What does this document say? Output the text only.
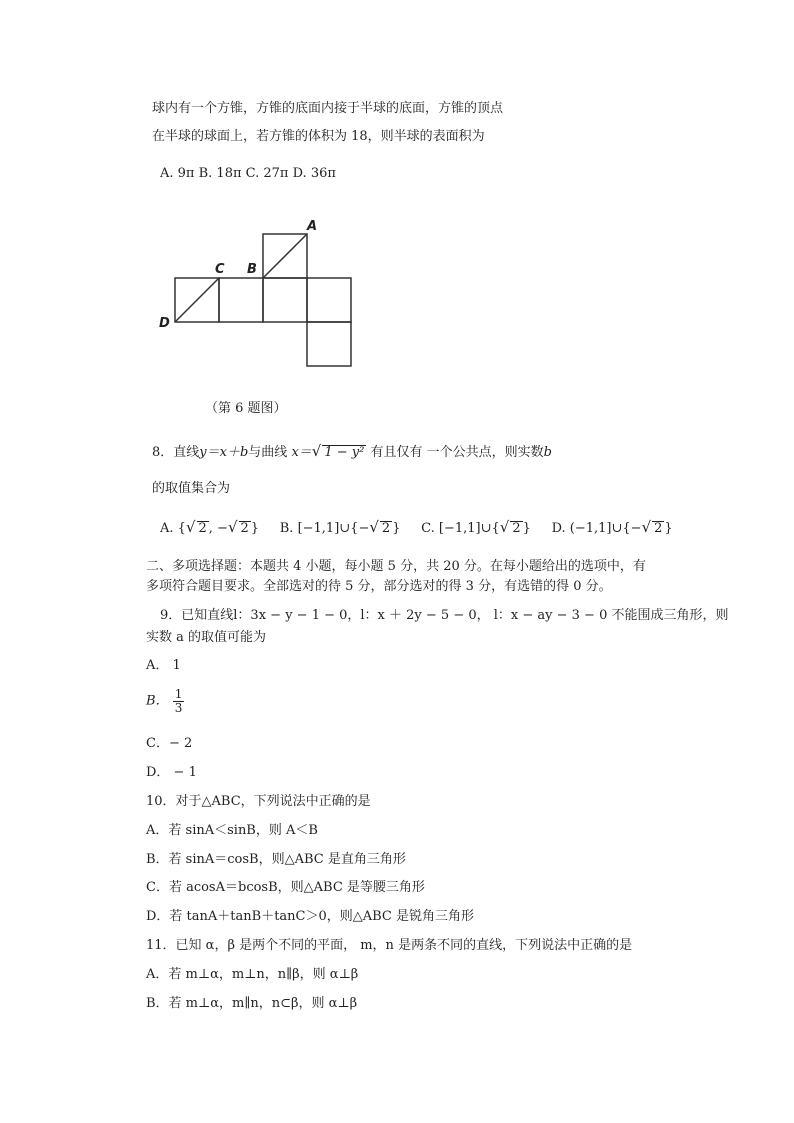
球内有一个方锥，方锥的底面内接于半球的底面，方锥的顶点
在半球的球面上，若方锥的体积为 18，则半球的表面积为
A. 9π B. 18π C. 27π D. 36π
A
B
C
D
（第 6 题图）
8．直线y＝x＋b与曲线 x＝√ 1 − y² 有且仅有 一个公共点，则实数b
的取值集合为
A. {√ 2 , −√ 2 } B. [−1,1]∪{−√ 2 } C. [−1,1]∪{√ 2 } D. (−1,1]∪{−√ 2 }
二、多项选择题：本题共 4 小题，每小题 5 分，共 20 分。在每小题给出的选项中，有
多项符合题目要求。全部选对的待 5 分，部分选对的得 3 分，有选错的得 0 分。
9．已知直线l：3x − y − 1 − 0，l：x ＋ 2y − 5 − 0， l：x − ay − 3 − 0 不能围成三角形，则
实数 a 的取值可能为
A． 1
B． $\frac{1}{3}$
C．− 2
D． − 1
10．对于△ABC，下列说法中正确的是
A．若 sinA＜sinB，则 A＜B
B．若 sinA＝cosB，则△ABC 是直角三角形
C．若 acosA＝bcosB，则△ABC 是等腰三角形
D．若 tanA＋tanB＋tanC＞0，则△ABC 是锐角三角形
11．已知 α，β 是两个不同的平面， m，n 是两条不同的直线，下列说法中正确的是
A．若 m⊥α，m⊥n，n∥β，则 α⊥β
B．若 m⊥α，m∥n，n⊂β，则 α⊥β
